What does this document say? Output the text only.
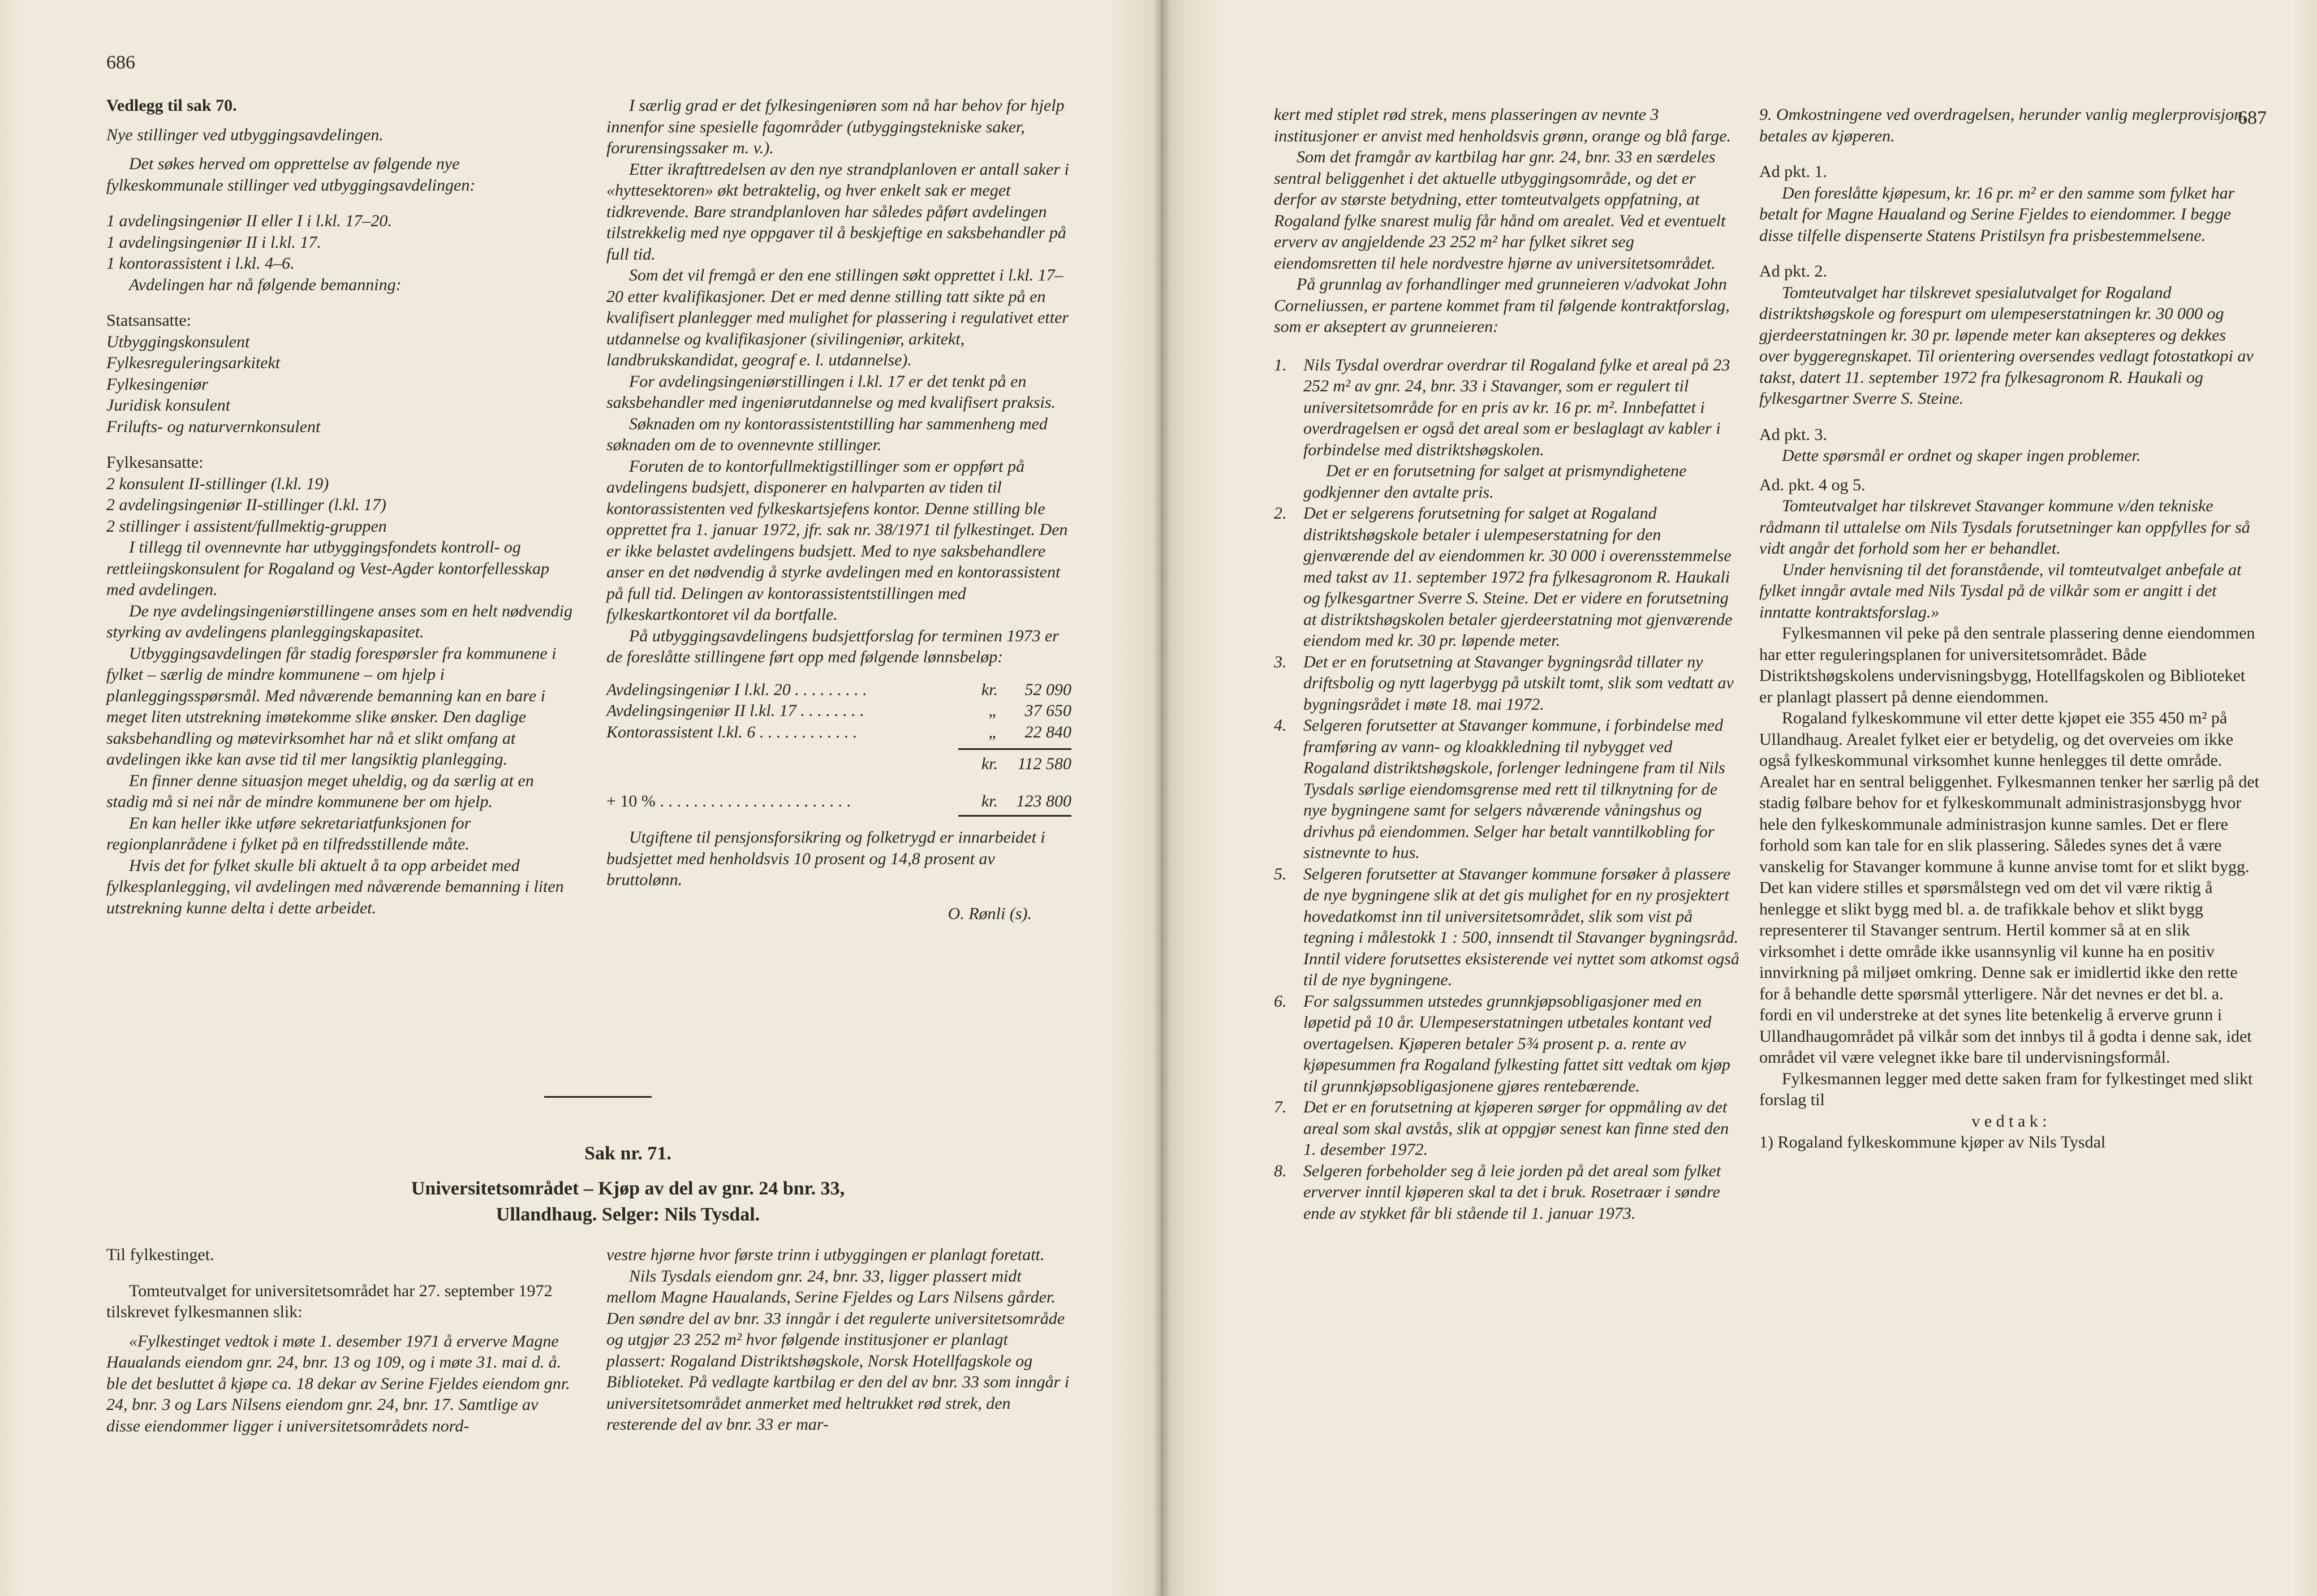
686

Vedlegg til sak 70.

Nye stillinger ved utbyggingsavdelingen.

Det søkes herved om opprettelse av følgende nye fylkeskommunale stillinger ved utbyggingsavdelingen:

1 avdelingsingeniør II eller I i l.kl. 17–20.

1 avdelingsingeniør II i l.kl. 17.

1 kontorassistent i l.kl. 4–6.

Avdelingen har nå følgende bemanning:

Statsansatte:

Utbyggingskonsulent

Fylkesreguleringsarkitekt

Fylkesingeniør

Juridisk konsulent

Frilufts- og naturvernkonsulent

Fylkesansatte:

2 konsulent II-stillinger (l.kl. 19)

2 avdelingsingeniør II-stillinger (l.kl. 17)

2 stillinger i assistent/fullmektig-gruppen

I tillegg til ovennevnte har utbyggingsfondets kontroll- og rettleiingskonsulent for Rogaland og Vest-Agder kontorfellesskap med avdelingen.

De nye avdelingsingeniørstillingene anses som en helt nødvendig styrking av avdelingens planleggingskapasitet.

Utbyggingsavdelingen får stadig forespørsler fra kommunene i fylket – særlig de mindre kommunene – om hjelp i planleggingsspørsmål. Med nåværende bemanning kan en bare i meget liten utstrekning imøtekomme slike ønsker. Den daglige saksbehandling og møtevirksomhet har nå et slikt omfang at avdelingen ikke kan avse tid til mer langsiktig planlegging.

En finner denne situasjon meget uheldig, og da særlig at en stadig må si nei når de mindre kommunene ber om hjelp.

En kan heller ikke utføre sekretariatfunksjonen for regionplanrådene i fylket på en tilfredsstillende måte.

Hvis det for fylket skulle bli aktuelt å ta opp arbeidet med fylkesplanlegging, vil avdelingen med nåværende bemanning i liten utstrekning kunne delta i dette arbeidet.

I særlig grad er det fylkesingeniøren som nå har behov for hjelp innenfor sine spesielle fagområder (utbyggingstekniske saker, forurensingssaker m. v.).

Etter ikrafttredelsen av den nye strandplanloven er antall saker i «hyttesektoren» økt betraktelig, og hver enkelt sak er meget tidkrevende. Bare strandplanloven har således påført avdelingen tilstrekkelig med nye oppgaver til å beskjeftige en saksbehandler på full tid.

Som det vil fremgå er den ene stillingen søkt opprettet i l.kl. 17–20 etter kvalifikasjoner. Det er med denne stilling tatt sikte på en kvalifisert planlegger med mulighet for plassering i regulativet etter utdannelse og kvalifikasjoner (sivilingeniør, arkitekt, landbrukskandidat, geograf e. l. utdannelse).

For avdelingsingeniørstillingen i l.kl. 17 er det tenkt på en saksbehandler med ingeniørutdannelse og med kvalifisert praksis.

Søknaden om ny kontorassistentstilling har sammenheng med søknaden om de to ovennevnte stillinger.

Foruten de to kontorfullmektigstillinger som er oppført på avdelingens budsjett, disponerer en halvparten av tiden til kontorassistenten ved fylkeskartsjefens kontor. Denne stilling ble opprettet fra 1. januar 1972, jfr. sak nr. 38/1971 til fylkestinget. Den er ikke belastet avdelingens budsjett. Med to nye saksbehandlere anser en det nødvendig å styrke avdelingen med en kontorassistent på full tid. Delingen av kontorassistentstillingen med fylkeskartkontoret vil da bortfalle.

På utbyggingsavdelingens budsjettforslag for terminen 1973 er de foreslåtte stillingene ført opp med følgende lønnsbeløp:

Avdelingsingeniør I l.kl. 20 . . . . . . . . .	kr.	52 090
Avdelingsingeniør II l.kl. 17 . . . . . . . .	„	37 650
Kontorassistent l.kl. 6 . . . . . . . . . . . .	„	22 840
	kr.	112 580
+ 10 % . . . . . . . . . . . . . . . . . . . . . . .	kr.	123 800

Utgiftene til pensjonsforsikring og folketrygd er innarbeidet i budsjettet med henholdsvis 10 prosent og 14,8 prosent av bruttolønn.

O. Rønli (s).

Sak nr. 71.
Universitetsområdet – Kjøp av del av gnr. 24 bnr. 33,
Ullandhaug. Selger: Nils Tysdal.

Til fylkestinget.

Tomteutvalget for universitetsområdet har 27. september 1972 tilskrevet fylkesmannen slik:

«Fylkestinget vedtok i møte 1. desember 1971 å erverve Magne Haualands eiendom gnr. 24, bnr. 13 og 109, og i møte 31. mai d. å. ble det besluttet å kjøpe ca. 18 dekar av Serine Fjeldes eiendom gnr. 24, bnr. 3 og Lars Nilsens eiendom gnr. 24, bnr. 17. Samtlige av disse eiendommer ligger i universitetsområdets nord-

vestre hjørne hvor første trinn i utbyggingen er planlagt foretatt.

Nils Tysdals eiendom gnr. 24, bnr. 33, ligger plassert midt mellom Magne Haualands, Serine Fjeldes og Lars Nilsens gårder. Den søndre del av bnr. 33 inngår i det regulerte universitetsområde og utgjør 23 252 m² hvor følgende institusjoner er planlagt plassert: Rogaland Distriktshøgskole, Norsk Hotellfagskole og Biblioteket. På vedlagte kartbilag er den del av bnr. 33 som inngår i universitetsområdet anmerket med heltrukket rød strek, den resterende del av bnr. 33 er mar-

687

kert med stiplet rød strek, mens plasseringen av nevnte 3 institusjoner er anvist med henholdsvis grønn, orange og blå farge.

Som det framgår av kartbilag har gnr. 24, bnr. 33 en særdeles sentral beliggenhet i det aktuelle utbyggingsområde, og det er derfor av største betydning, etter tomteutvalgets oppfatning, at Rogaland fylke snarest mulig får hånd om arealet. Ved et eventuelt erverv av angjeldende 23 252 m² har fylket sikret seg eiendomsretten til hele nordvestre hjørne av universitetsområdet.

På grunnlag av forhandlinger med grunneieren v/advokat John Corneliussen, er partene kommet fram til følgende kontraktforslag, som er akseptert av grunneieren:

1. Nils Tysdal overdrar overdrar til Rogaland fylke et areal på 23 252 m² av gnr. 24, bnr. 33 i Stavanger, som er regulert til universitetsområde for en pris av kr. 16 pr. m². Innbefattet i overdragelsen er også det areal som er beslaglagt av kabler i forbindelse med distriktshøgskolen.
Det er en forutsetning for salget at prismyndighetene godkjenner den avtalte pris.
2. Det er selgerens forutsetning for salget at Rogaland distriktshøgskole betaler i ulempeserstatning for den gjenværende del av eiendommen kr. 30 000 i overensstemmelse med takst av 11. september 1972 fra fylkesagronom R. Haukali og fylkesgartner Sverre S. Steine. Det er videre en forutsetning at distriktshøgskolen betaler gjerdeerstatning mot gjenværende eiendom med kr. 30 pr. løpende meter.
3. Det er en forutsetning at Stavanger bygningsråd tillater ny driftsbolig og nytt lagerbygg på utskilt tomt, slik som vedtatt av bygningsrådet i møte 18. mai 1972.
4. Selgeren forutsetter at Stavanger kommune, i forbindelse med framføring av vann- og kloakkledning til nybygget ved Rogaland distriktshøgskole, forlenger ledningene fram til Nils Tysdals sørlige eiendomsgrense med rett til tilknytning for de nye bygningene samt for selgers nåværende våningshus og drivhus på eiendommen. Selger har betalt vanntilkobling for sistnevnte to hus.
5. Selgeren forutsetter at Stavanger kommune forsøker å plassere de nye bygningene slik at det gis mulighet for en ny prosjektert hovedatkomst inn til universitetsområdet, slik som vist på tegning i målestokk 1 : 500, innsendt til Stavanger bygningsråd. Inntil videre forutsettes eksisterende vei nyttet som atkomst også til de nye bygningene.
6. For salgssummen utstedes grunnkjøpsobligasjoner med en løpetid på 10 år. Ulempeserstatningen utbetales kontant ved overtagelsen. Kjøperen betaler 5¾ prosent p. a. rente av kjøpesummen fra Rogaland fylkesting fattet sitt vedtak om kjøp til grunnkjøpsobligasjonene gjøres rentebærende.
7. Det er en forutsetning at kjøperen sørger for oppmåling av det areal som skal avstås, slik at oppgjør senest kan finne sted den 1. desember 1972.
8. Selgeren forbeholder seg å leie jorden på det areal som fylket erverver inntil kjøperen skal ta det i bruk. Rosetraær i søndre ende av stykket får bli stående til 1. januar 1973.

9. Omkostningene ved overdragelsen, herunder vanlig meglerprovisjon, betales av kjøperen.

Ad pkt. 1.

Den foreslåtte kjøpesum, kr. 16 pr. m² er den samme som fylket har betalt for Magne Haualand og Serine Fjeldes to eiendommer. I begge disse tilfelle dispenserte Statens Pristilsyn fra prisbestemmelsene.

Ad pkt. 2.

Tomteutvalget har tilskrevet spesialutvalget for Rogaland distriktshøgskole og forespurt om ulempeserstatningen kr. 30 000 og gjerdeerstatningen kr. 30 pr. løpende meter kan aksepteres og dekkes over byggeregnskapet. Til orientering oversendes vedlagt fotostatkopi av takst, datert 11. september 1972 fra fylkesagronom R. Haukali og fylkesgartner Sverre S. Steine.

Ad pkt. 3.

Dette spørsmål er ordnet og skaper ingen problemer.

Ad. pkt. 4 og 5.

Tomteutvalget har tilskrevet Stavanger kommune v/den tekniske rådmann til uttalelse om Nils Tysdals forutsetninger kan oppfylles for så vidt angår det forhold som her er behandlet.

Under henvisning til det foranstående, vil tomteutvalget anbefale at fylket inngår avtale med Nils Tysdal på de vilkår som er angitt i det inntatte kontraktsforslag.»

Fylkesmannen vil peke på den sentrale plassering denne eiendommen har etter reguleringsplanen for universitetsområdet. Både Distriktshøgskolens undervisningsbygg, Hotellfagskolen og Biblioteket er planlagt plassert på denne eiendommen.

Rogaland fylkeskommune vil etter dette kjøpet eie 355 450 m² på Ullandhaug. Arealet fylket eier er betydelig, og det overveies om ikke også fylkeskommunal virksomhet kunne henlegges til dette område. Arealet har en sentral beliggenhet. Fylkesmannen tenker her særlig på det stadig følbare behov for et fylkeskommunalt administrasjonsbygg hvor hele den fylkeskommunale administrasjon kunne samles. Det er flere forhold som kan tale for en slik plassering. Således synes det å være vanskelig for Stavanger kommune å kunne anvise tomt for et slikt bygg. Det kan videre stilles et spørsmålstegn ved om det vil være riktig å henlegge et slikt bygg med bl. a. de trafikkale behov et slikt bygg representerer til Stavanger sentrum. Hertil kommer så at en slik virksomhet i dette område ikke usannsynlig vil kunne ha en positiv innvirkning på miljøet omkring. Denne sak er imidlertid ikke den rette for å behandle dette spørsmål ytterligere. Når det nevnes er det bl. a. fordi en vil understreke at det synes lite betenkelig å erverve grunn i Ullandhaugområdet på vilkår som det innbys til å godta i denne sak, idet området vil være velegnet ikke bare til undervisningsformål.

Fylkesmannen legger med dette saken fram for fylkestinget med slikt forslag til

v e d t a k :

1) Rogaland fylkeskommune kjøper av Nils Tysdal
